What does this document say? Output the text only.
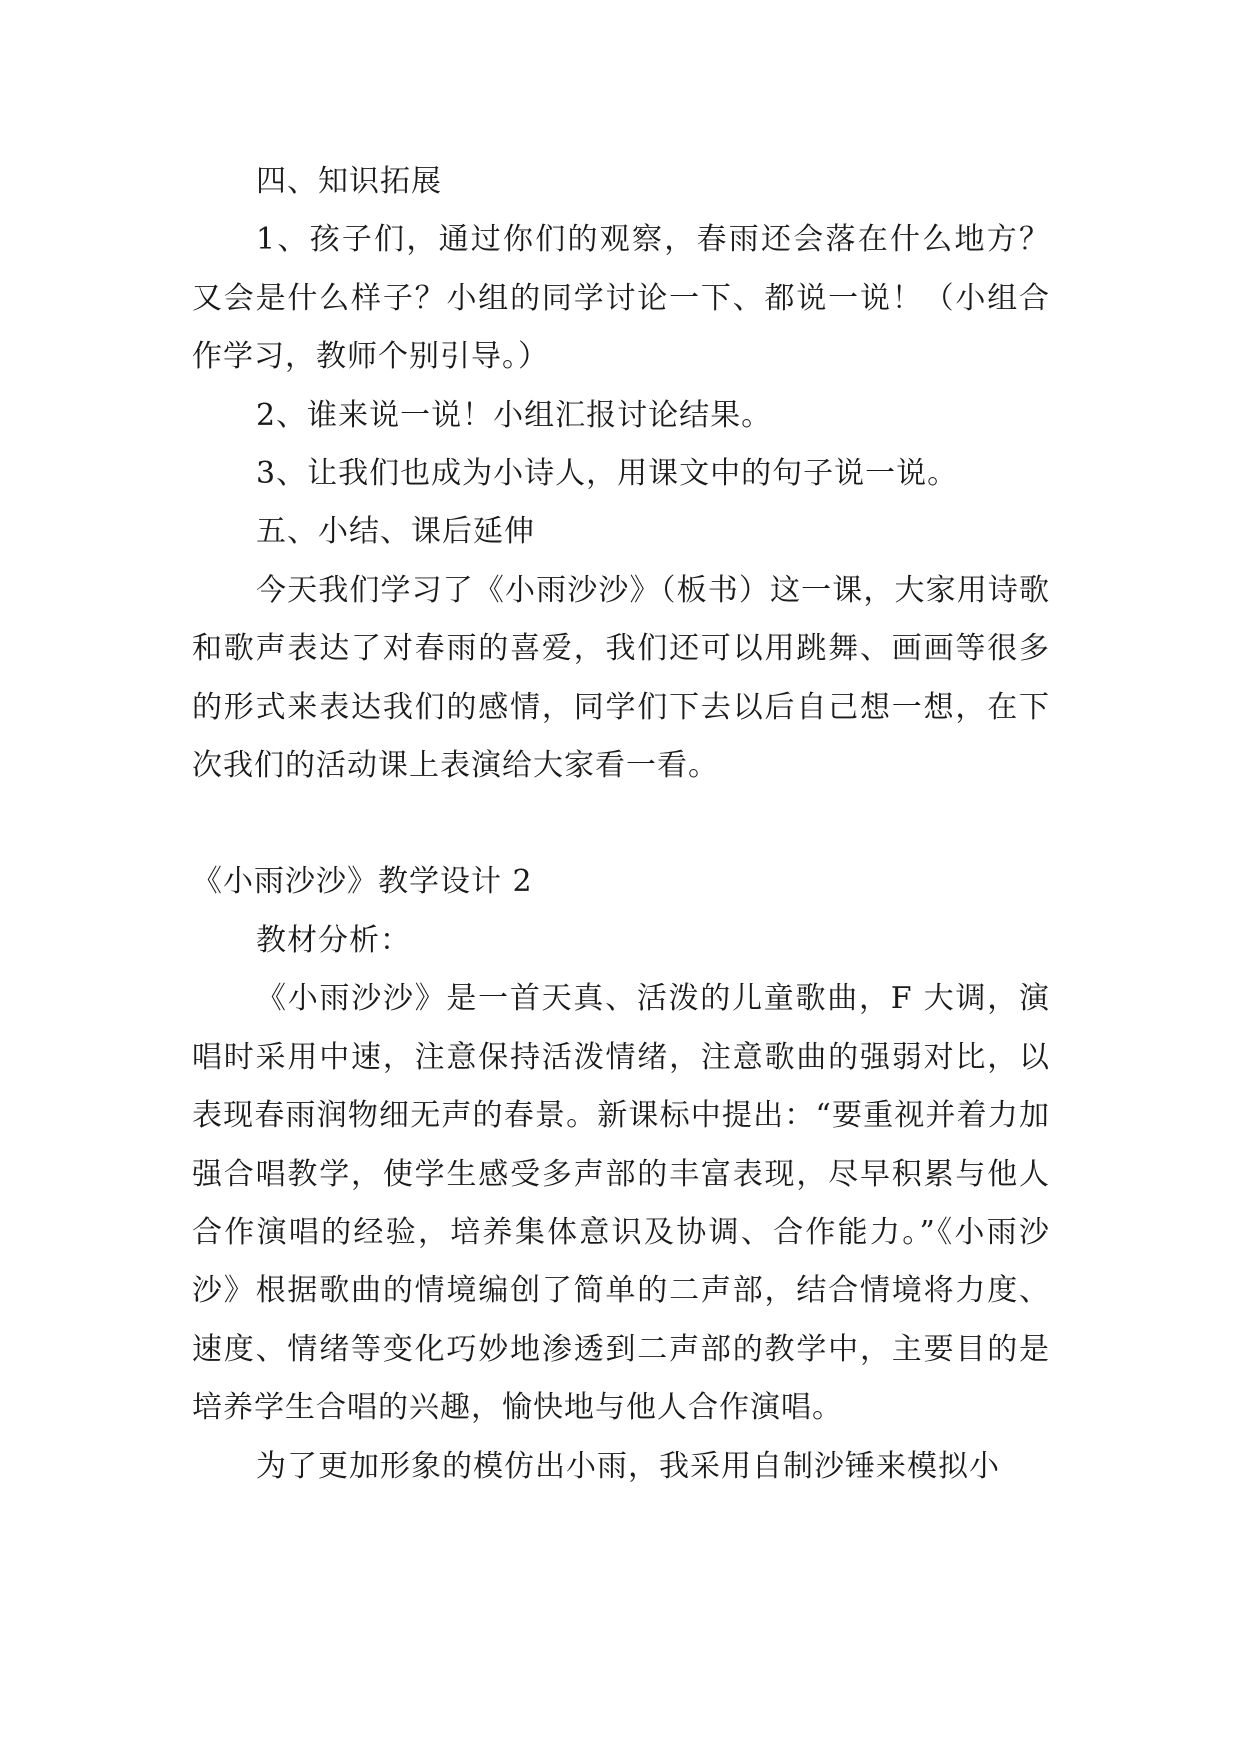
四、知识拓展

1、孩子们，通过你们的观察，春雨还会落在什么地方？又会是什么样子？小组的同学讨论一下、都说一说！（小组合作学习，教师个别引导。）

2、谁来说一说！小组汇报讨论结果。

3、让我们也成为小诗人，用课文中的句子说一说。

五、小结、课后延伸

今天我们学习了《小雨沙沙》（板书）这一课，大家用诗歌和歌声表达了对春雨的喜爱，我们还可以用跳舞、画画等很多的形式来表达我们的感情，同学们下去以后自己想一想，在下次我们的活动课上表演给大家看一看。

《小雨沙沙》教学设计 2

教材分析：

《小雨沙沙》是一首天真、活泼的儿童歌曲，F 大调，演唱时采用中速，注意保持活泼情绪，注意歌曲的强弱对比，以表现春雨润物细无声的春景。新课标中提出：“要重视并着力加强合唱教学，使学生感受多声部的丰富表现，尽早积累与他人合作演唱的经验，培养集体意识及协调、合作能力。”《小雨沙沙》根据歌曲的情境编创了简单的二声部，结合情境将力度、速度、情绪等变化巧妙地渗透到二声部的教学中，主要目的是培养学生合唱的兴趣，愉快地与他人合作演唱。

为了更加形象的模仿出小雨，我采用自制沙锤来模拟小
